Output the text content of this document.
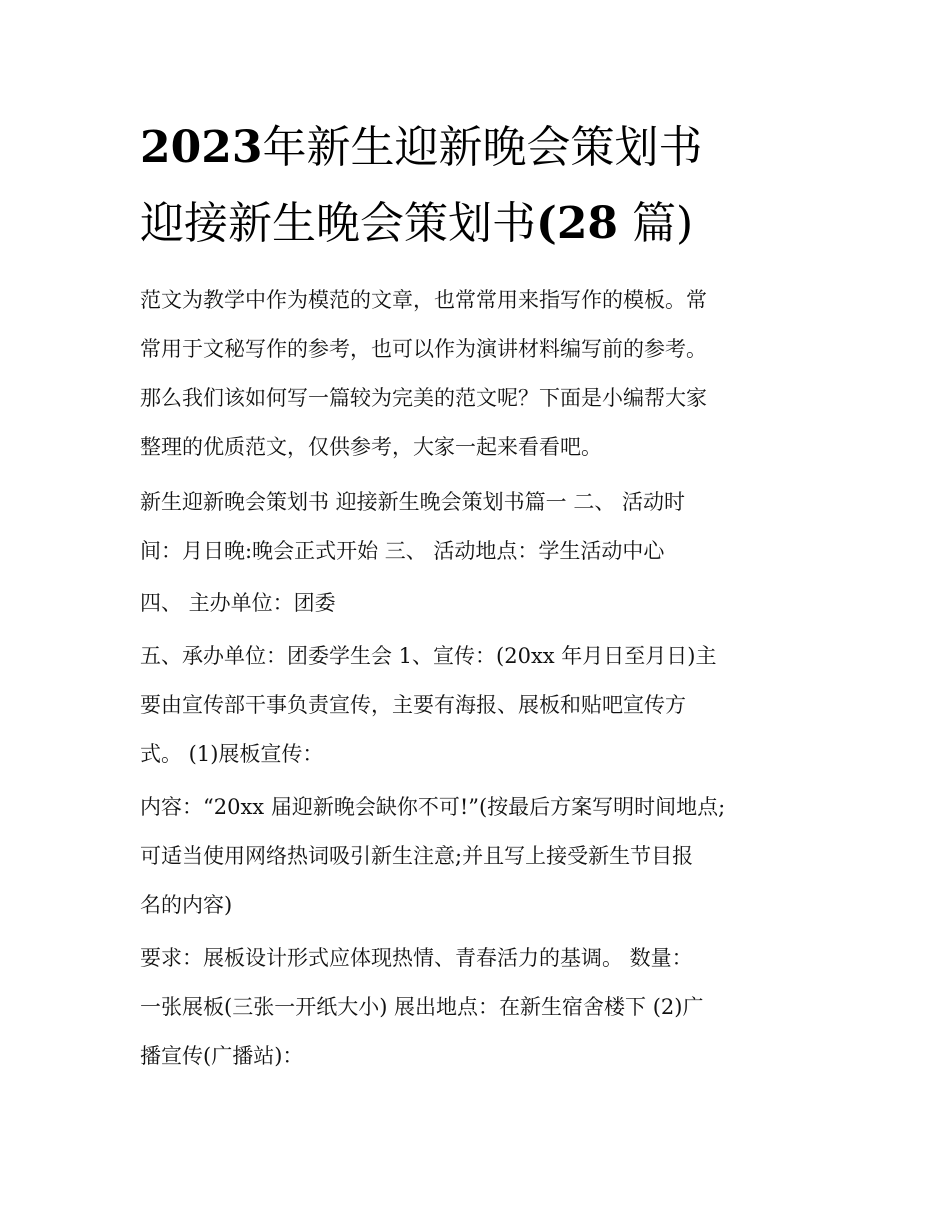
2023年新生迎新晚会策划书
迎接新生晚会策划书(28 篇)
范文为教学中作为模范的文章，也常常用来指写作的模板。常
常用于文秘写作的参考，也可以作为演讲材料编写前的参考。
那么我们该如何写一篇较为完美的范文呢？下面是小编帮大家
整理的优质范文，仅供参考，大家一起来看看吧。
新生迎新晚会策划书 迎接新生晚会策划书篇一 二、 活动时
间：月日晚:晚会正式开始 三、 活动地点：学生活动中心
四、 主办单位：团委
五、承办单位：团委学生会 1、宣传：(20xx 年月日至月日)主
要由宣传部干事负责宣传，主要有海报、展板和贴吧宣传方
式。 (1)展板宣传：
内容：“20xx 届迎新晚会缺你不可!”(按最后方案写明时间地点;
可适当使用网络热词吸引新生注意;并且写上接受新生节目报
名的内容)
要求：展板设计形式应体现热情、青春活力的基调。 数量：
一张展板(三张一开纸大小) 展出地点：在新生宿舍楼下 (2)广
播宣传(广播站)：
